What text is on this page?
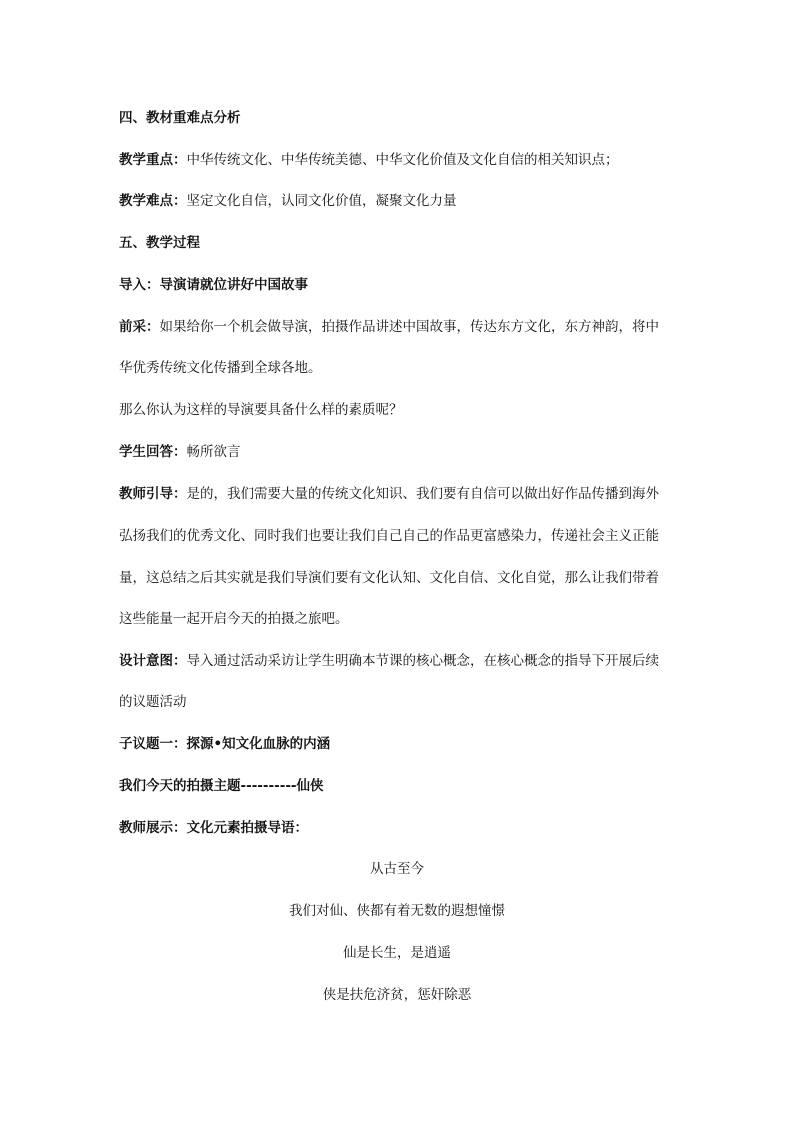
四、教材重难点分析
教学重点：中华传统文化、中华传统美德、中华文化价值及文化自信的相关知识点；
教学难点：坚定文化自信，认同文化价值，凝聚文化力量
五、教学过程
导入：导演请就位讲好中国故事
前采：如果给你一个机会做导演，拍摄作品讲述中国故事，传达东方文化，东方神韵，将中
华优秀传统文化传播到全球各地。
那么你认为这样的导演要具备什么样的素质呢？
学生回答：畅所欲言
教师引导：是的，我们需要大量的传统文化知识、我们要有自信可以做出好作品传播到海外
弘扬我们的优秀文化、同时我们也要让我们自己自己的作品更富感染力，传递社会主义正能
量，这总结之后其实就是我们导演们要有文化认知、文化自信、文化自觉，那么让我们带着
这些能量一起开启今天的拍摄之旅吧。
设计意图：导入通过活动采访让学生明确本节课的核心概念，在核心概念的指导下开展后续
的议题活动
子议题一：探源•知文化血脉的内涵
我们今天的拍摄主题----------仙侠
教师展示：文化元素拍摄导语：
从古至今
我们对仙、侠都有着无数的遐想憧憬
仙是长生，是逍遥
侠是扶危济贫，惩奸除恶
